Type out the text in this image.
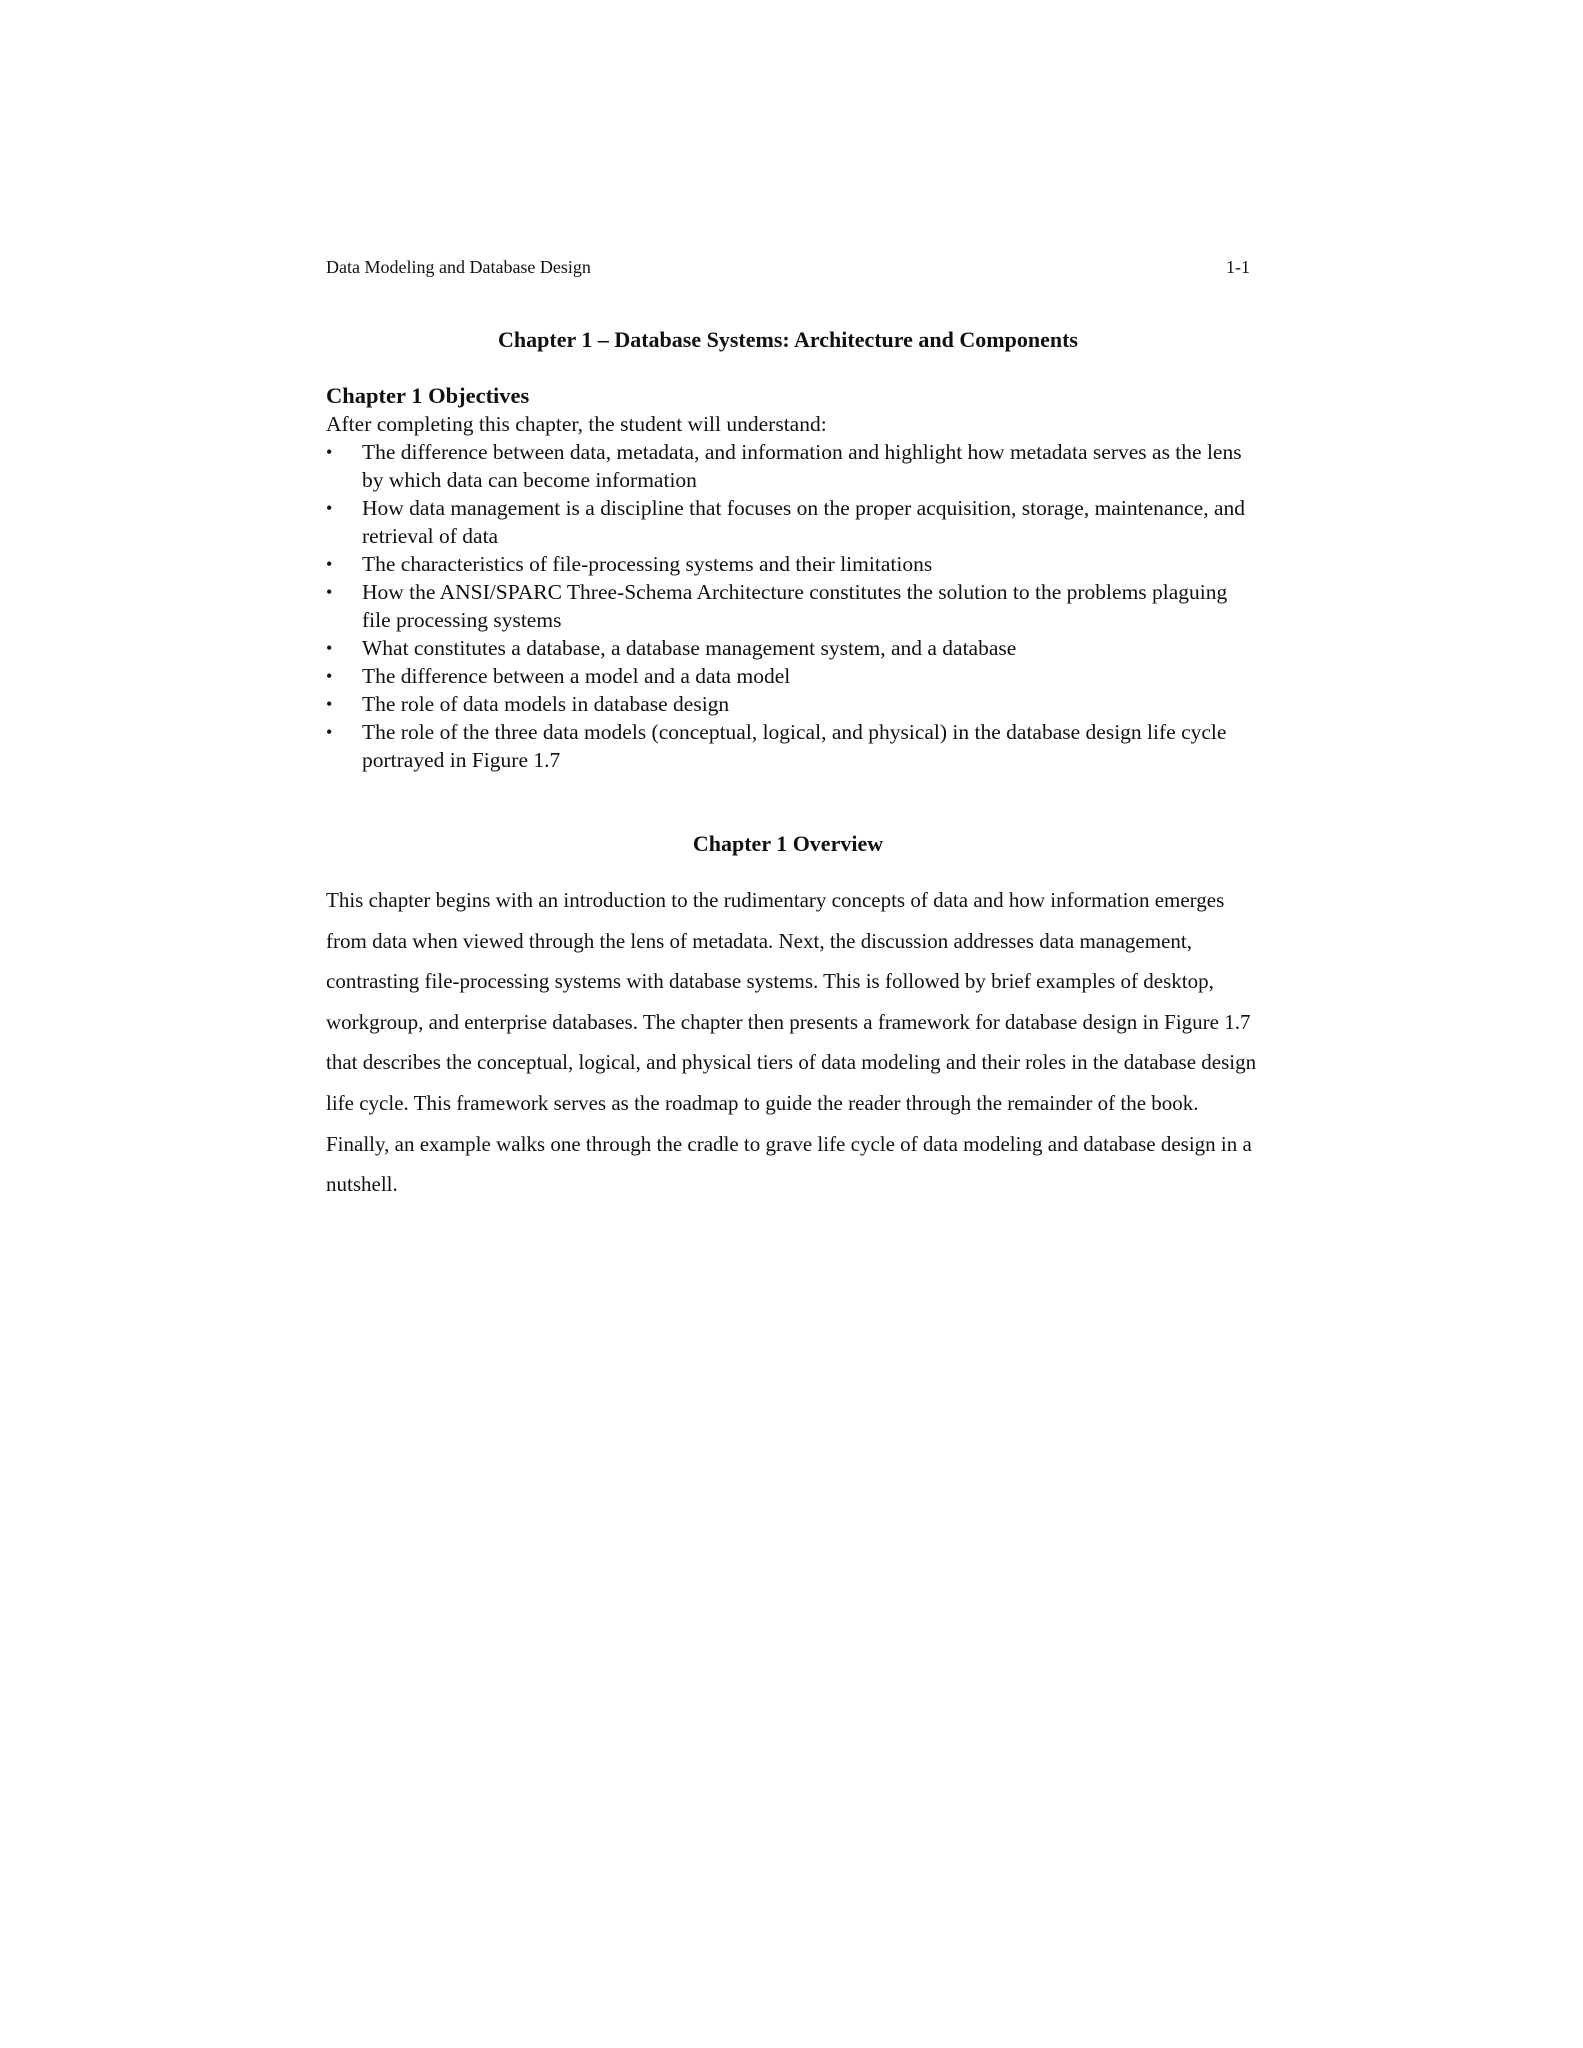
Data Modeling and Database Design	1-1
Chapter 1 – Database Systems: Architecture and Components
Chapter 1 Objectives

After completing this chapter, the student will understand:

• The difference between data, metadata, and information and highlight how metadata serves as the lens by which data can become information
• How data management is a discipline that focuses on the proper acquisition, storage, maintenance, and retrieval of data
• The characteristics of file-processing systems and their limitations
• How the ANSI/SPARC Three-Schema Architecture constitutes the solution to the problems plaguing file processing systems
• What constitutes a database, a database management system, and a database
• The difference between a model and a data model
• The role of data models in database design
• The role of the three data models (conceptual, logical, and physical) in the database design life cycle portrayed in Figure 1.7
Chapter 1 Overview

This chapter begins with an introduction to the rudimentary concepts of data and how information emerges from data when viewed through the lens of metadata. Next, the discussion addresses data management, contrasting file-processing systems with database systems. This is followed by brief examples of desktop, workgroup, and enterprise databases. The chapter then presents a framework for database design in Figure 1.7 that describes the conceptual, logical, and physical tiers of data modeling and their roles in the database design life cycle. This framework serves as the roadmap to guide the reader through the remainder of the book. Finally, an example walks one through the cradle to grave life cycle of data modeling and database design in a nutshell.
